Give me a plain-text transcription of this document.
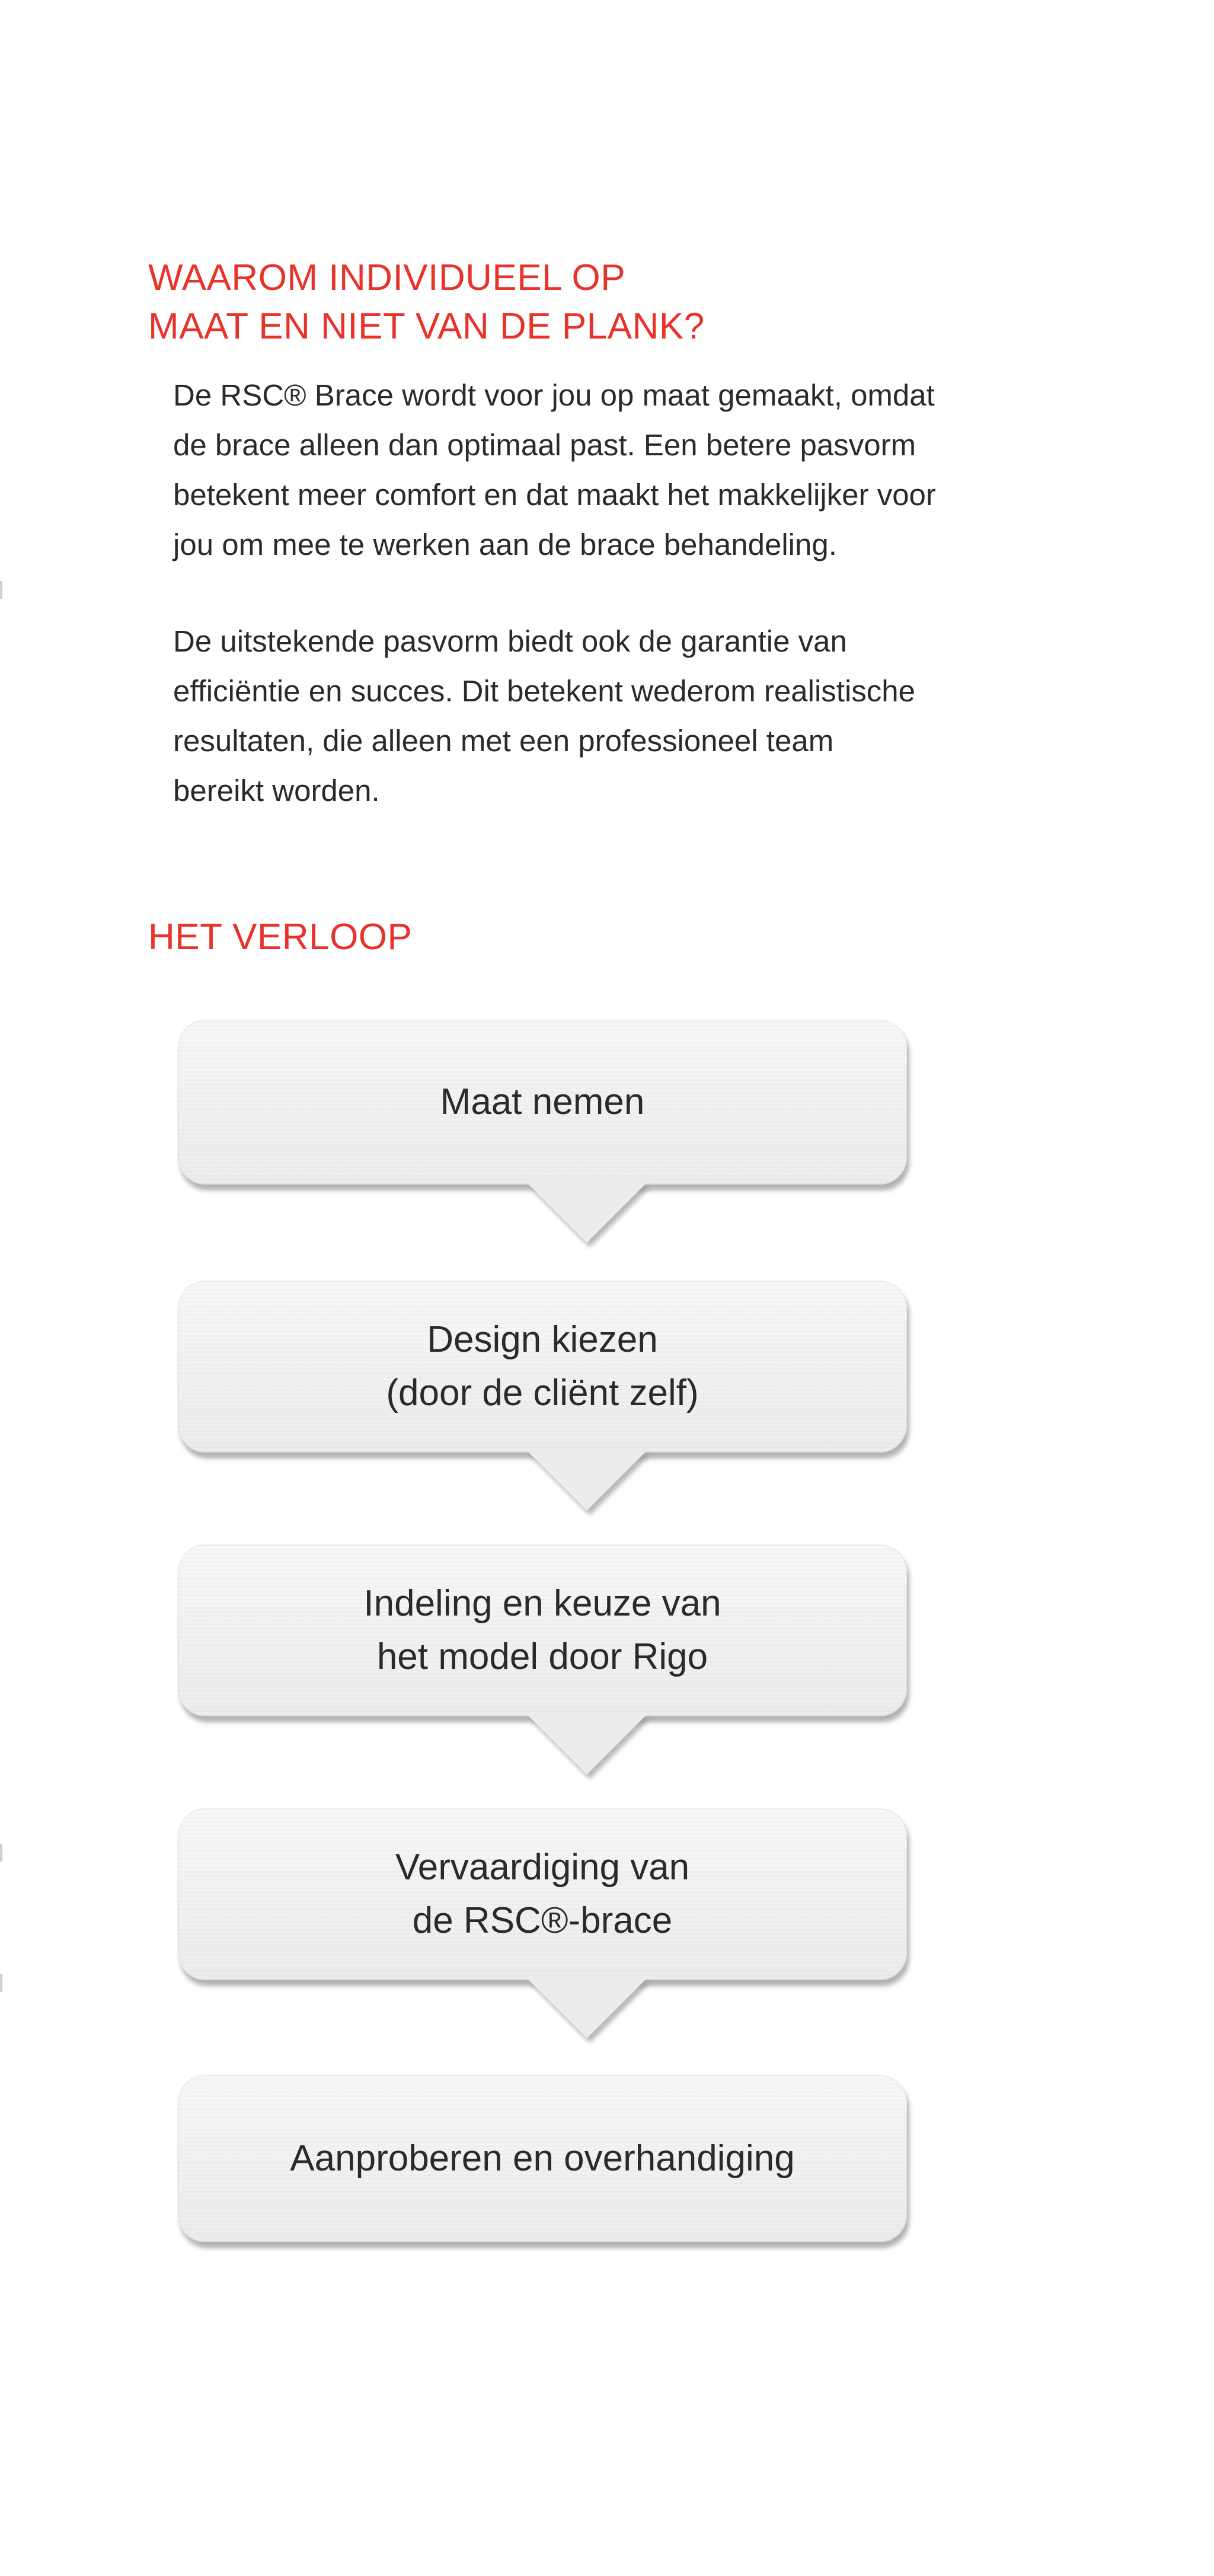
WAAROM INDIVIDUEEL OP
MAAT EN NIET VAN DE PLANK?

De RSC® Brace wordt voor jou op maat gemaakt, omdat
de brace alleen dan optimaal past. Een betere pasvorm
betekent meer comfort en dat maakt het makkelijker voor
jou om mee te werken aan de brace behandeling.

De uitstekende pasvorm biedt ook de garantie van
efficiëntie en succes. Dit betekent wederom realistische
resultaten, die alleen met een professioneel team
bereikt worden.

HET VERLOOP
Maat nemen
Design kiezen
(door de cliënt zelf)
Indeling en keuze van
het model door Rigo
Vervaardiging van
de RSC®-brace
Aanproberen en overhandiging
